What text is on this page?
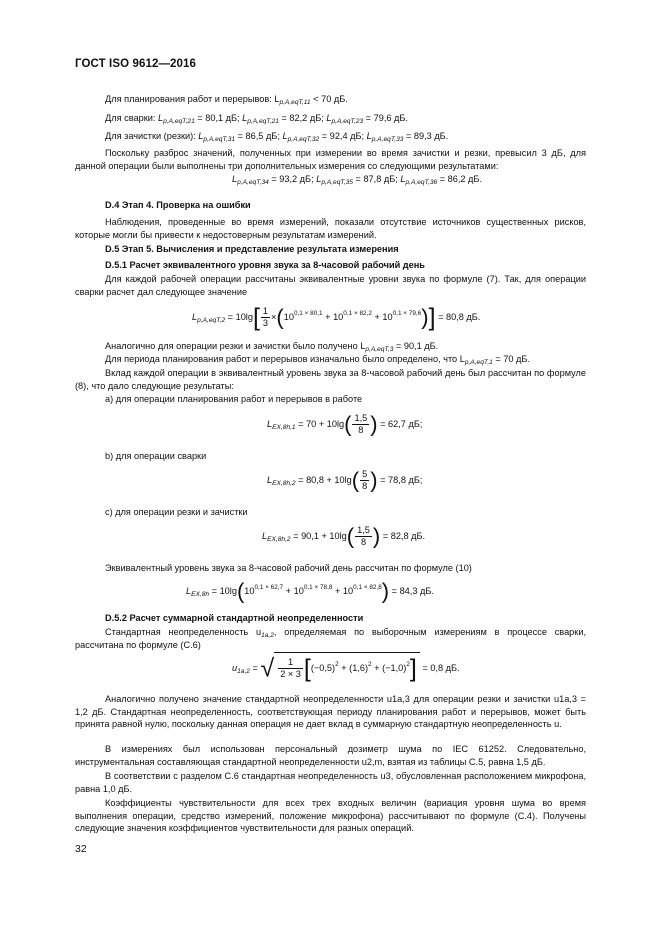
ГОСТ ISO 9612—2016
Для планирования работ и перерывов: $L_{p,A,eqT,11} < 70$ дБ.
Для сварки: $L_{p,A,eqT,21} = 80,1$ дБ; $L_{p,A,eqT,21} = 82,2$ дБ; $L_{p,A,eqT,23} = 79,6$ дБ.
Для зачистки (резки): $L_{p,A,eqT,31} = 86,5$ дБ; $L_{p,A,eqT,32} = 92,4$ дБ; $L_{p,A,eqT,33} = 89,3$ дБ.
Поскольку разброс значений, полученных при измерении во время зачистки и резки, превысил 3 дБ, для данной операции были выполнены три дополнительных измерения со следующими результатами:
$L_{p,A,eqT,34} = 93,2$ дБ; $L_{p,A,eqT,35} = 87,8$ дБ; $L_{p,A,eqT,36} = 86,2$ дБ.
D.4 Этап 4. Проверка на ошибки
Наблюдения, проведенные во время измерений, показали отсутствие источников существенных рисков, которые могли бы привести к недостоверным результатам измерений.
D.5 Этап 5. Вычисления и представление результата измерения
D.5.1 Расчет эквивалентного уровня звука за 8-часовой рабочий день
Для каждой рабочей операции рассчитаны эквивалентные уровни звука по формуле (7). Так, для операции сварки расчет дал следующее значение
$L_{p,A,eqT,2} = 10\lg[ \frac{1}{3} \times(10^{0,1 \times 80,1} + 10^{0,1 \times 82,2} + 10^{0,1 \times 79,6})] = 80,8$ дБ.
Аналогично для операции резки и зачистки было получено $L_{p,A,eqT,3} = 90,1$ дБ.
Для периода планирования работ и перерывов изначально было определено, что $L_{p,A,eqT,1} = 70$ дБ.
Вклад каждой операции в эквивалентный уровень звука за 8-часовой рабочий день был рассчитан по формуле (8), что дало следующие результаты:
a) для операции планирования работ и перерывов в работе
$L_{EX,8h,1} = 70 + 10\lg( \frac{1,5}{8}$ ) = 62,7 дБ;
b) для операции сварки
$L_{EX,8h,2} = 80,8 + 10\lg( \frac{5}{8}$ ) = 78,8 дБ;
c) для операции резки и зачистки
$L_{EX,8h,2} = 90,1 + 10\lg( \frac{1,5}{8}$ ) = 82,8 дБ.
Эквивалентный уровень звука за 8-часовой рабочий день рассчитан по формуле (10)
$L_{EX,8h} = 10\lg(10^{0,1 \times 62,7} + 10^{0,1 \times 78,8} + 10^{0,1 \times 82,8}) = 84,3$ дБ.
D.5.2 Расчет суммарной стандартной неопределенности
Стандартная неопределенность $u_{1a,2}$, определяемая по выборочным измерениям в процессе сварки, рассчитана по формуле (C.6)
$u_{1a,2}$ = √ $\frac{1}{2 \times 3} [(-0,5)^2 + (1,6)^2 + (-1,0)^2] = 0,8$ дБ.
Аналогично получено значение стандартной неопределенности u1a,3 для операции резки и зачистки u1a,3 = 1,2 дБ. Стандартная неопределенность, соответствующая периоду планирования работ и перерывов, может быть принята равной нулю, поскольку данная операция не дает вклад в суммарную стандартную неопределенность u.
В измерениях был использован персональный дозиметр шума по IEC 61252. Следовательно, инструментальная составляющая стандартной неопределенности u2,m, взятая из таблицы C.5, равна 1,5 дБ.
В соответствии с разделом C.6 стандартная неопределенность u3, обусловленная расположением микрофона, равна 1,0 дБ.
Коэффициенты чувствительности для всех трех входных величин (вариация уровня шума во время выполнения операции, средство измерений, положение микрофона) рассчитывают по формуле (C.4). Получены следующие значения коэффициентов чувствительности для разных операций.
32
